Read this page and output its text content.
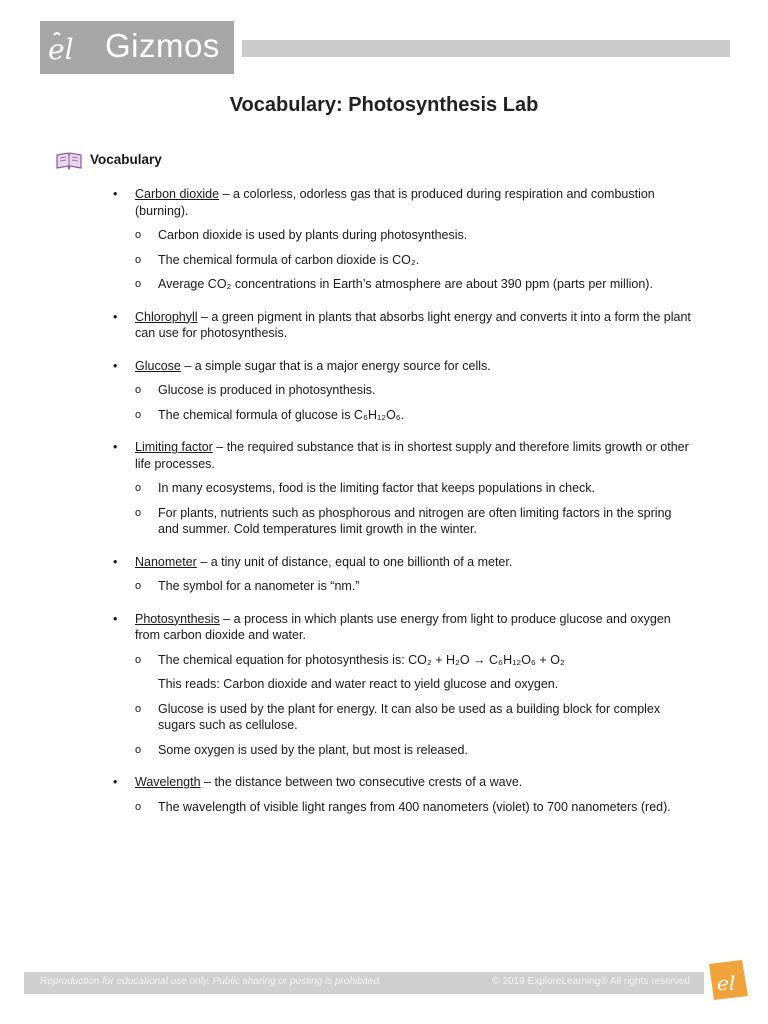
el Gizmos
Vocabulary: Photosynthesis Lab
Vocabulary
• Carbon dioxide – a colorless, odorless gas that is produced during respiration and combustion (burning).
o Carbon dioxide is used by plants during photosynthesis.
o The chemical formula of carbon dioxide is CO₂.
o Average CO₂ concentrations in Earth’s atmosphere are about 390 ppm (parts per million).
• Chlorophyll – a green pigment in plants that absorbs light energy and converts it into a form the plant can use for photosynthesis.
• Glucose – a simple sugar that is a major energy source for cells.
o Glucose is produced in photosynthesis.
o The chemical formula of glucose is C₆H₁₂O₆.
• Limiting factor – the required substance that is in shortest supply and therefore limits growth or other life processes.
o In many ecosystems, food is the limiting factor that keeps populations in check.
o For plants, nutrients such as phosphorous and nitrogen are often limiting factors in the spring and summer. Cold temperatures limit growth in the winter.
• Nanometer – a tiny unit of distance, equal to one billionth of a meter.
o The symbol for a nanometer is “nm.”
• Photosynthesis – a process in which plants use energy from light to produce glucose and oxygen from carbon dioxide and water.
o The chemical equation for photosynthesis is: CO₂ + H₂O → C₆H₁₂O₆ + O₂
This reads: Carbon dioxide and water react to yield glucose and oxygen.
o Glucose is used by the plant for energy. It can also be used as a building block for complex sugars such as cellulose.
o Some oxygen is used by the plant, but most is released.
• Wavelength – the distance between two consecutive crests of a wave.
o The wavelength of visible light ranges from 400 nanometers (violet) to 700 nanometers (red).
Reproduction for educational use only. Public sharing or posting is prohibited.	© 2019 ExploreLearning® All rights reserved el
